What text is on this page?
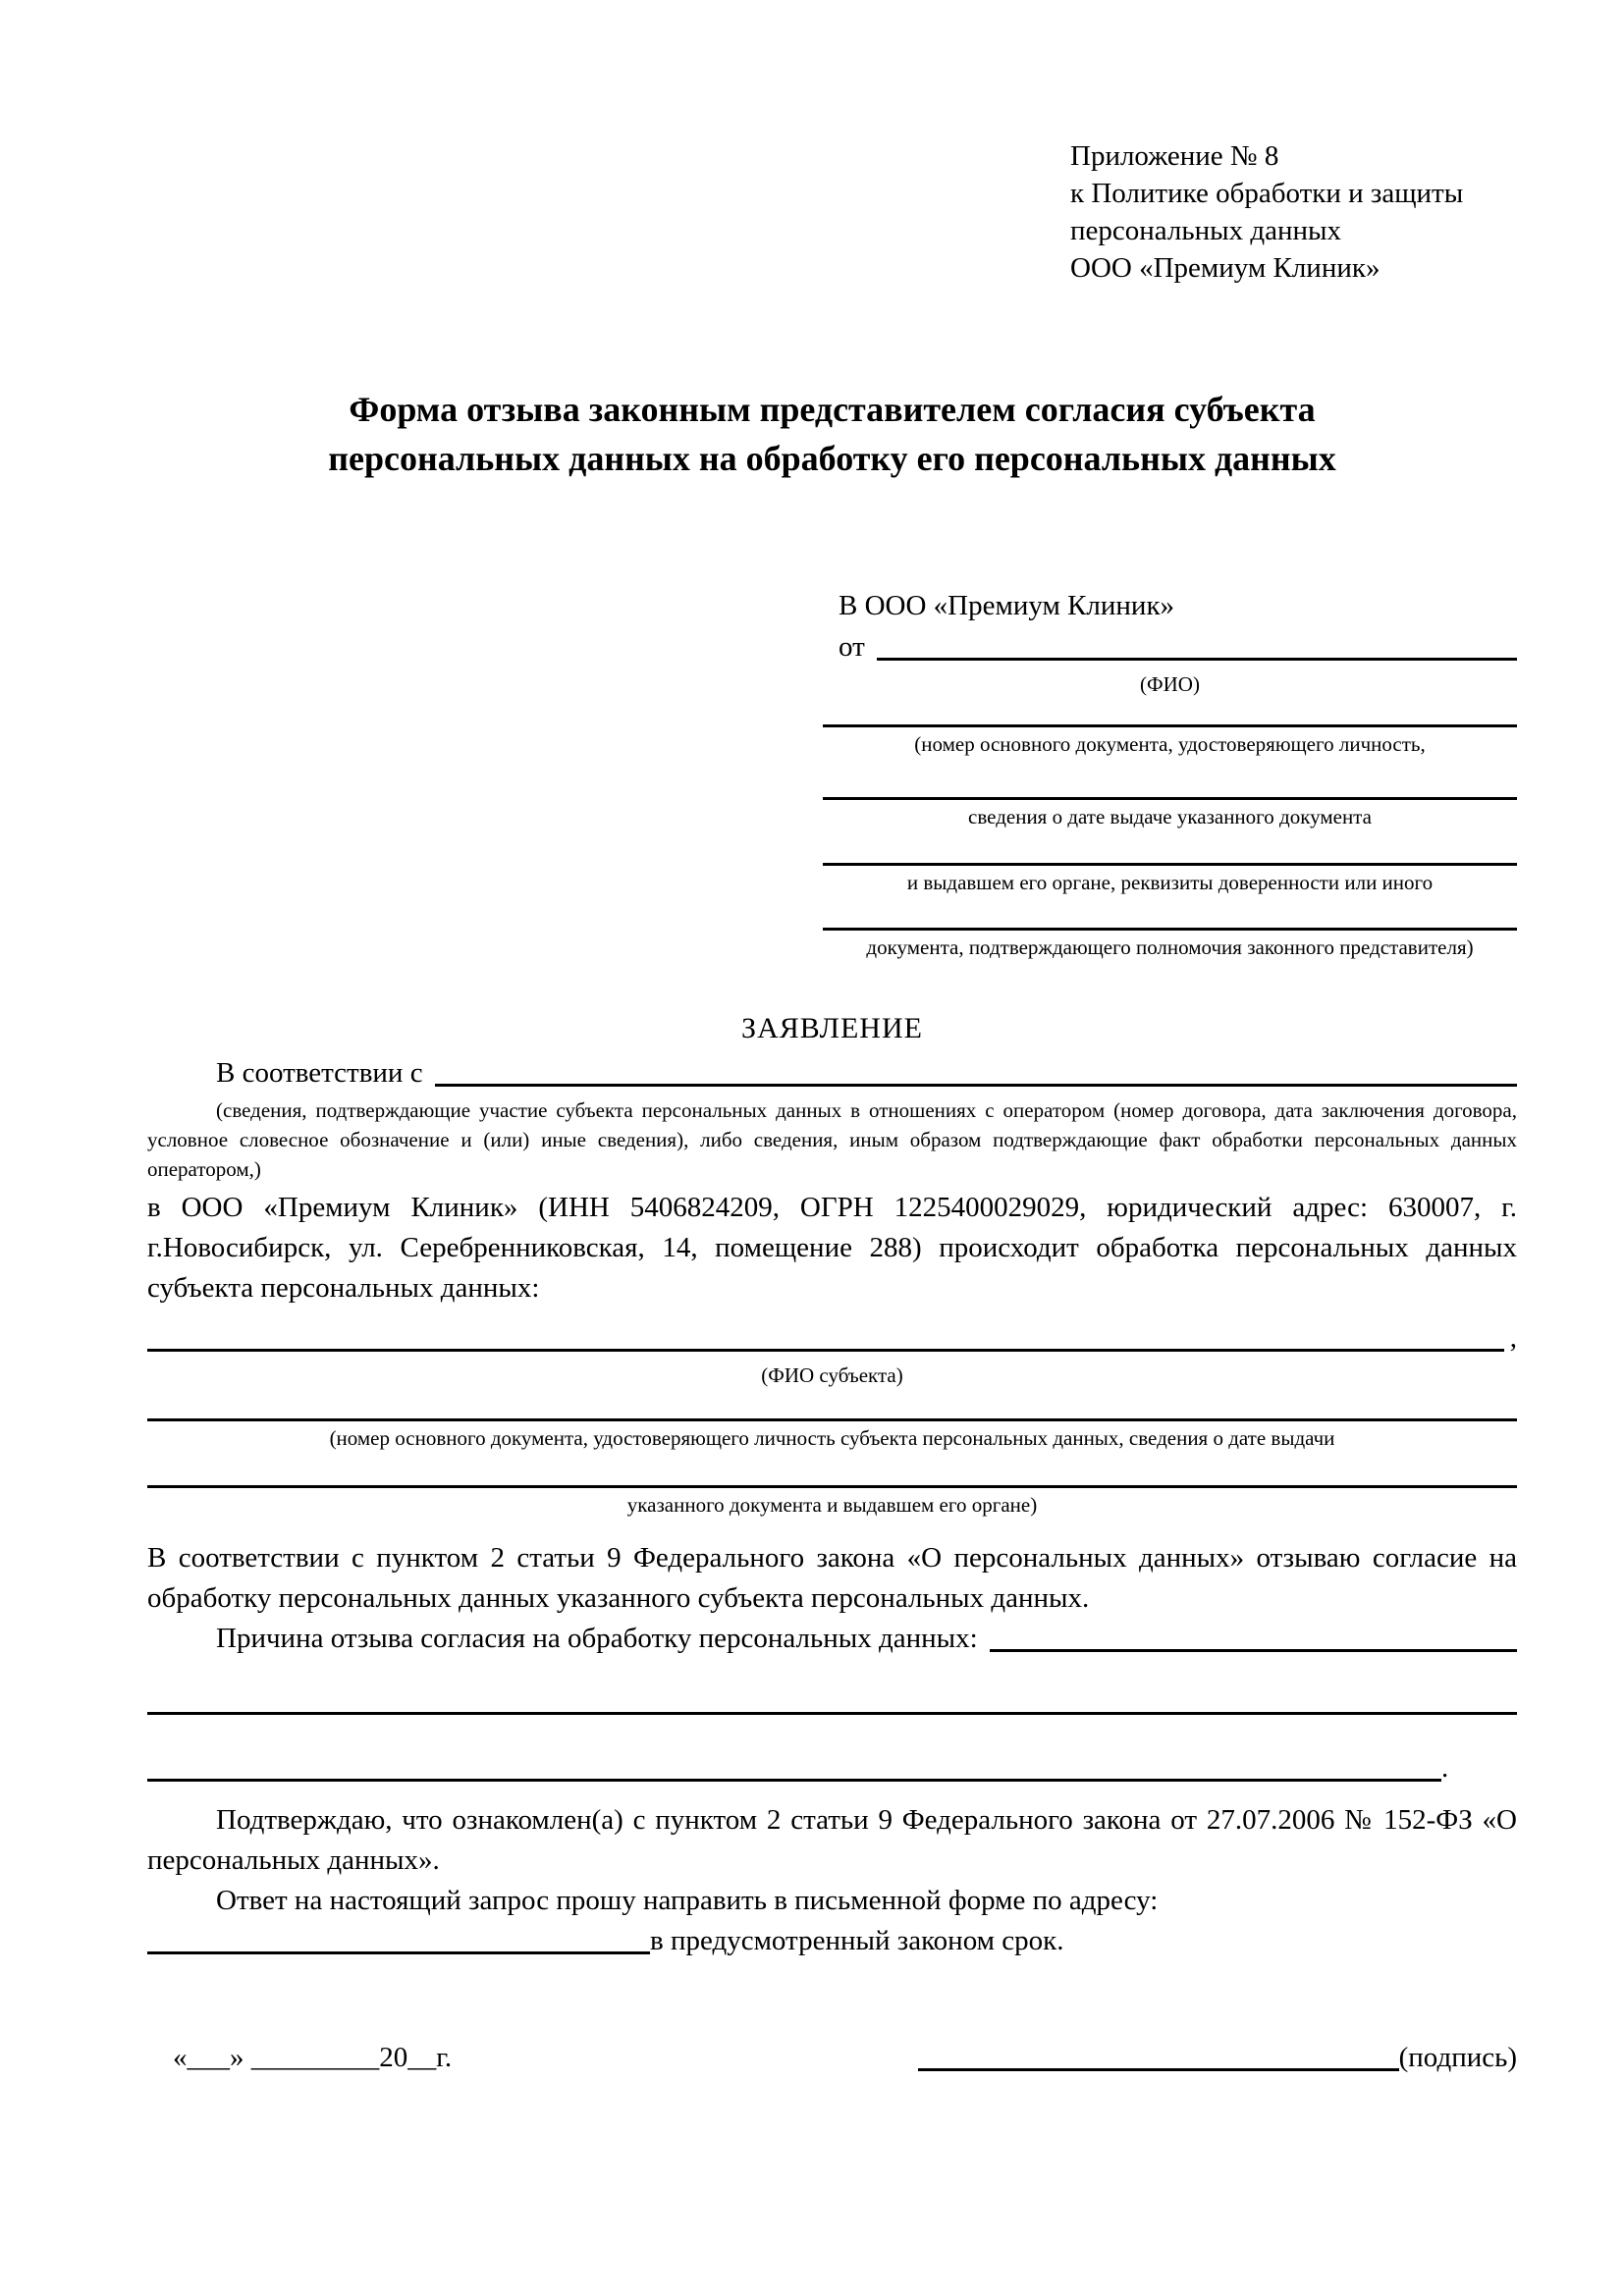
Приложение № 8
к Политике обработки и защиты
персональных данных
ООО «Премиум Клиник»
Форма отзыва законным представителем согласия субъекта
персональных данных на обработку его персональных данных
В ООО «Премиум Клиник»
от
(ФИО)
(номер основного документа, удостоверяющего личность,
сведения о дате выдаче указанного документа
и выдавшем его органе, реквизиты доверенности или иного
документа, подтверждающего полномочия законного представителя)
ЗАЯВЛЕНИЕ
В соответствии с
(сведения, подтверждающие участие субъекта персональных данных в отношениях с оператором (номер договора, дата заключения договора, условное словесное обозначение и (или) иные сведения), либо сведения, иным образом подтверждающие факт обработки персональных данных оператором,)
в ООО «Премиум Клиник» (ИНН 5406824209, ОГРН 1225400029029, юридический адрес: 630007, г. г.Новосибирск, ул. Серебренниковская, 14, помещение 288) происходит обработка персональных данных субъекта персональных данных:
,
(ФИО субъекта)
(номер основного документа, удостоверяющего личность субъекта персональных данных, сведения о дате выдачи
указанного документа и выдавшем его органе)
В соответствии с пунктом 2 статьи 9 Федерального закона «О персональных данных» отзываю согласие на обработку персональных данных указанного субъекта персональных данных.
Причина отзыва согласия на обработку персональных данных:
.
Подтверждаю, что ознакомлен(а) с пунктом 2 статьи 9 Федерального закона от 27.07.2006 № 152-ФЗ «О персональных данных».
Ответ на настоящий запрос прошу направить в письменной форме по адресу:
в предусмотренный законом срок.
«___» _________20__г.	(подпись)
